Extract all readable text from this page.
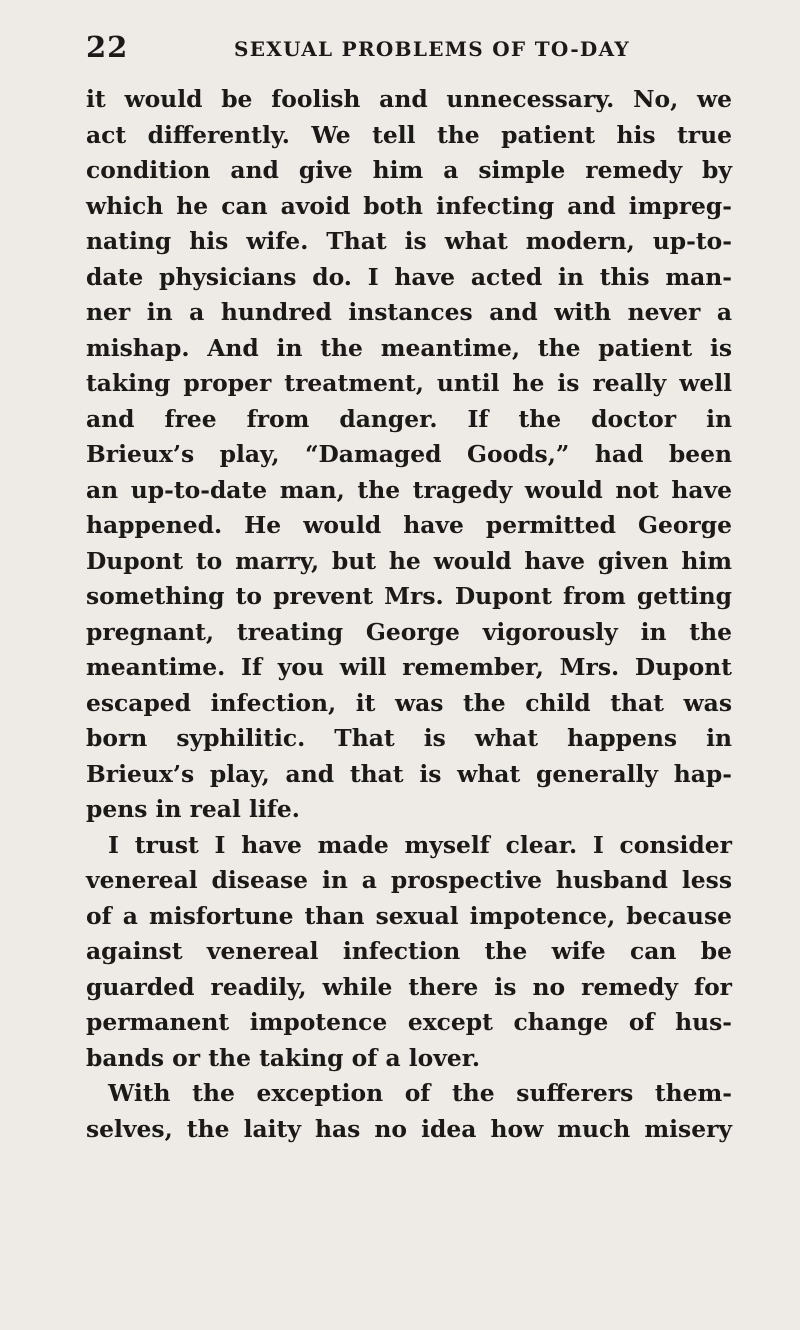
22	SEXUAL PROBLEMS OF TO-DAY
it would be foolish and unnecessary. No, we
act differently. We tell the patient his true
condition and give him a simple remedy by
which he can avoid both infecting and impreg-
nating his wife. That is what modern, up-to-
date physicians do. I have acted in this man-
ner in a hundred instances and with never a
mishap. And in the meantime, the patient is
taking proper treatment, until he is really well
and free from danger. If the doctor in
Brieux’s play, “Damaged Goods,” had been
an up-to-date man, the tragedy would not have
happened. He would have permitted George
Dupont to marry, but he would have given him
something to prevent Mrs. Dupont from getting
pregnant, treating George vigorously in the
meantime. If you will remember, Mrs. Dupont
escaped infection, it was the child that was
born syphilitic. That is what happens in
Brieux’s play, and that is what generally hap-
pens in real life.
I trust I have made myself clear. I consider
venereal disease in a prospective husband less
of a misfortune than sexual impotence, because
against venereal infection the wife can be
guarded readily, while there is no remedy for
permanent impotence except change of hus-
bands or the taking of a lover.
With the exception of the sufferers them-
selves, the laity has no idea how much misery
